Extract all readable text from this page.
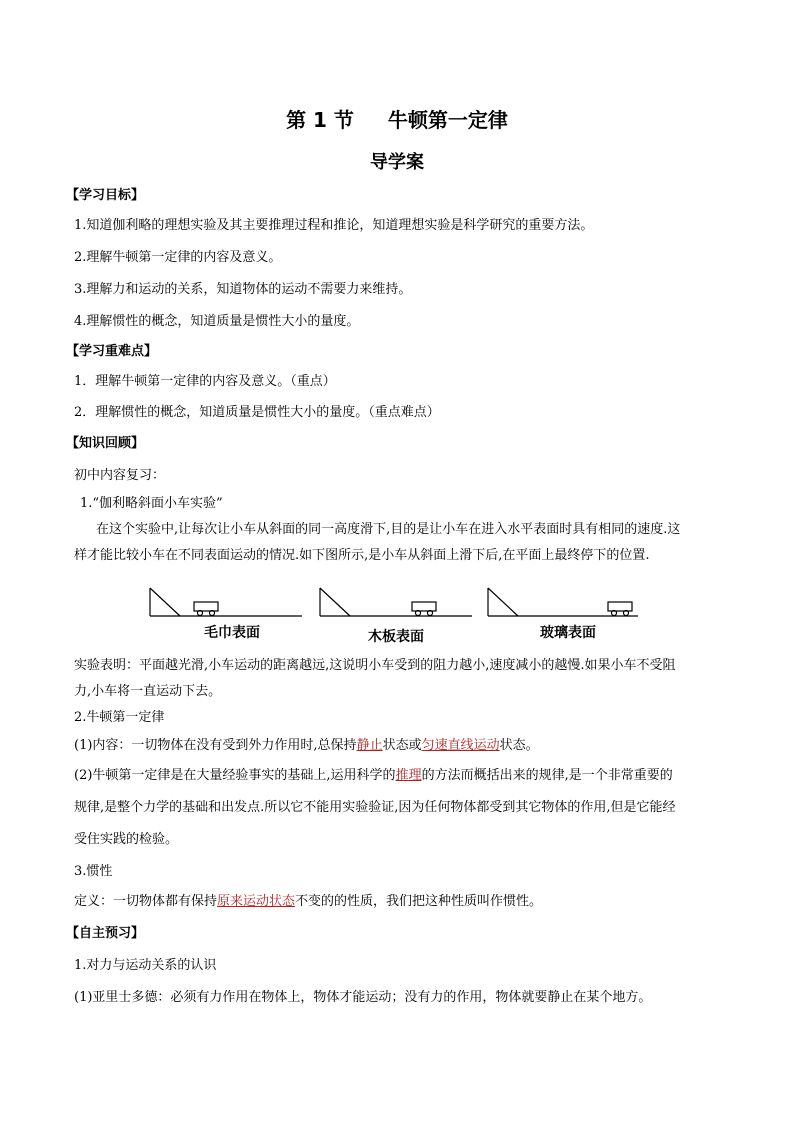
第 1 节 牛顿第一定律
导学案
【学习目标】
1.知道伽利略的理想实验及其主要推理过程和推论，知道理想实验是科学研究的重要方法。
2.理解牛顿第一定律的内容及意义。
3.理解力和运动的关系，知道物体的运动不需要力来维持。
4.理解惯性的概念，知道质量是惯性大小的量度。
【学习重难点】
1．理解牛顿第一定律的内容及意义。（重点）
2．理解惯性的概念，知道质量是惯性大小的量度。（重点难点）
【知识回顾】
初中内容复习：
1.“伽利略斜面小车实验”
在这个实验中,让每次让小车从斜面的同一高度滑下,目的是让小车在进入水平表面时具有相同的速度.这
样才能比较小车在不同表面运动的情况.如下图所示,是小车从斜面上滑下后,在平面上最终停下的位置.
毛巾表面	木板表面	玻璃表面
实验表明：平面越光滑,小车运动的距离越远,这说明小车受到的阻力越小,速度减小的越慢.如果小车不受阻
力,小车将一直运动下去。
2.牛顿第一定律
(1)内容：一切物体在没有受到外力作用时,总保持静止状态或匀速直线运动状态。
(2)牛顿第一定律是在大量经验事实的基础上,运用科学的推理的方法而概括出来的规律,是一个非常重要的
规律,是整个力学的基础和出发点.所以它不能用实验验证,因为任何物体都受到其它物体的作用,但是它能经
受住实践的检验。
3.惯性
定义：一切物体都有保持原来运动状态不变的的性质，我们把这种性质叫作惯性。
【自主预习】
1.对力与运动关系的认识
(1)亚里士多德：必须有力作用在物体上，物体才能运动；没有力的作用，物体就要静止在某个地方。
